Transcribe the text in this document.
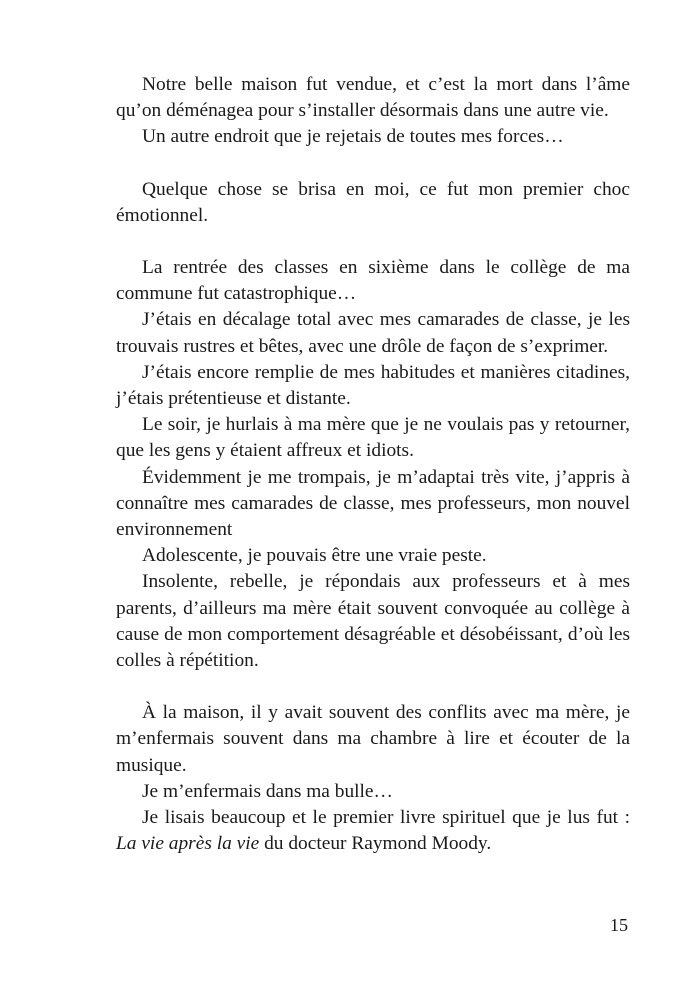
Notre belle maison fut vendue, et c’est la mort dans l’âme qu’on déménagea pour s’installer désormais dans une autre vie.

Un autre endroit que je rejetais de toutes mes forces…

Quelque chose se brisa en moi, ce fut mon premier choc émotionnel.

La rentrée des classes en sixième dans le collège de ma commune fut catastrophique…

J’étais en décalage total avec mes camarades de classe, je les trouvais rustres et bêtes, avec une drôle de façon de s’exprimer.

J’étais encore remplie de mes habitudes et manières citadines, j’étais prétentieuse et distante.

Le soir, je hurlais à ma mère que je ne voulais pas y retourner, que les gens y étaient affreux et idiots.

Évidemment je me trompais, je m’adaptai très vite, j’appris à connaître mes camarades de classe, mes professeurs, mon nouvel environnement

Adolescente, je pouvais être une vraie peste.

Insolente, rebelle, je répondais aux professeurs et à mes parents, d’ailleurs ma mère était souvent convoquée au collège à cause de mon comportement désagréable et désobéissant, d’où les colles à répétition.

À la maison, il y avait souvent des conflits avec ma mère, je m’enfermais souvent dans ma chambre à lire et écouter de la musique.

Je m’enfermais dans ma bulle…

Je lisais beaucoup et le premier livre spirituel que je lus fut : La vie après la vie du docteur Raymond Moody.

15
